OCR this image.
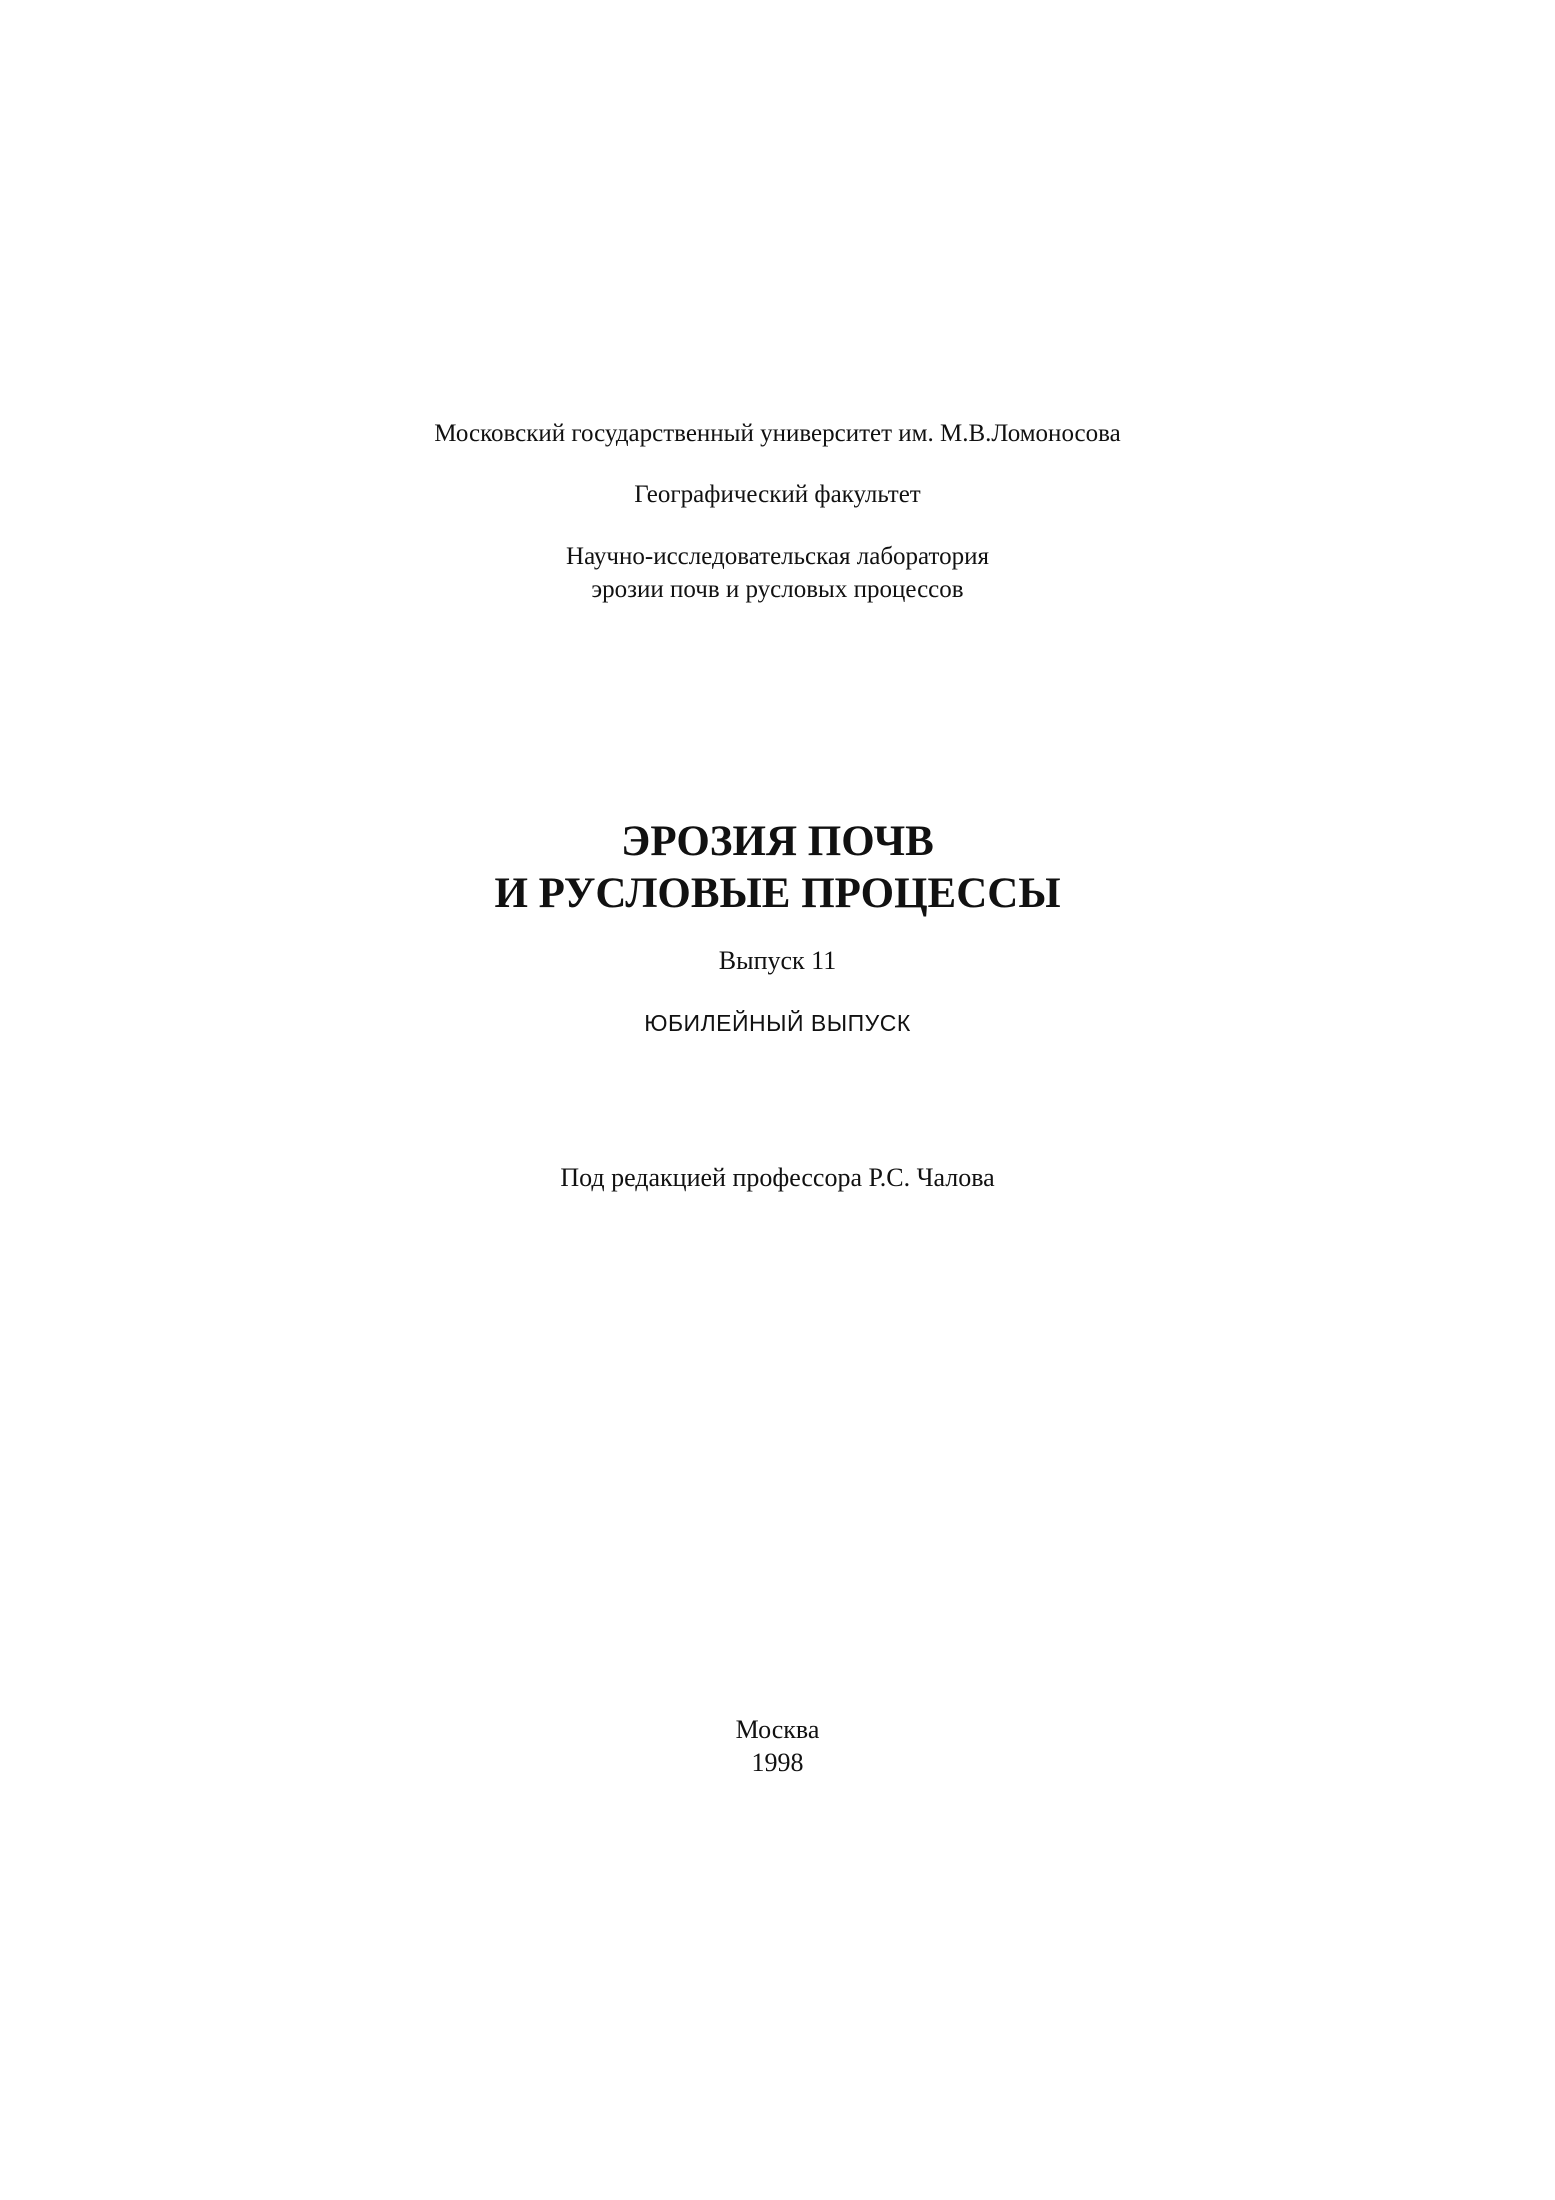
Московский государственный университет им. М.В.Ломоносова
Географический факультет
Научно-исследовательская лаборатория
эрозии почв и русловых процессов
ЭРОЗИЯ ПОЧВ
И РУСЛОВЫЕ ПРОЦЕССЫ
Выпуск 11
ЮБИЛЕЙНЫЙ ВЫПУСК
Под редакцией профессора Р.С. Чалова
Москва
1998
